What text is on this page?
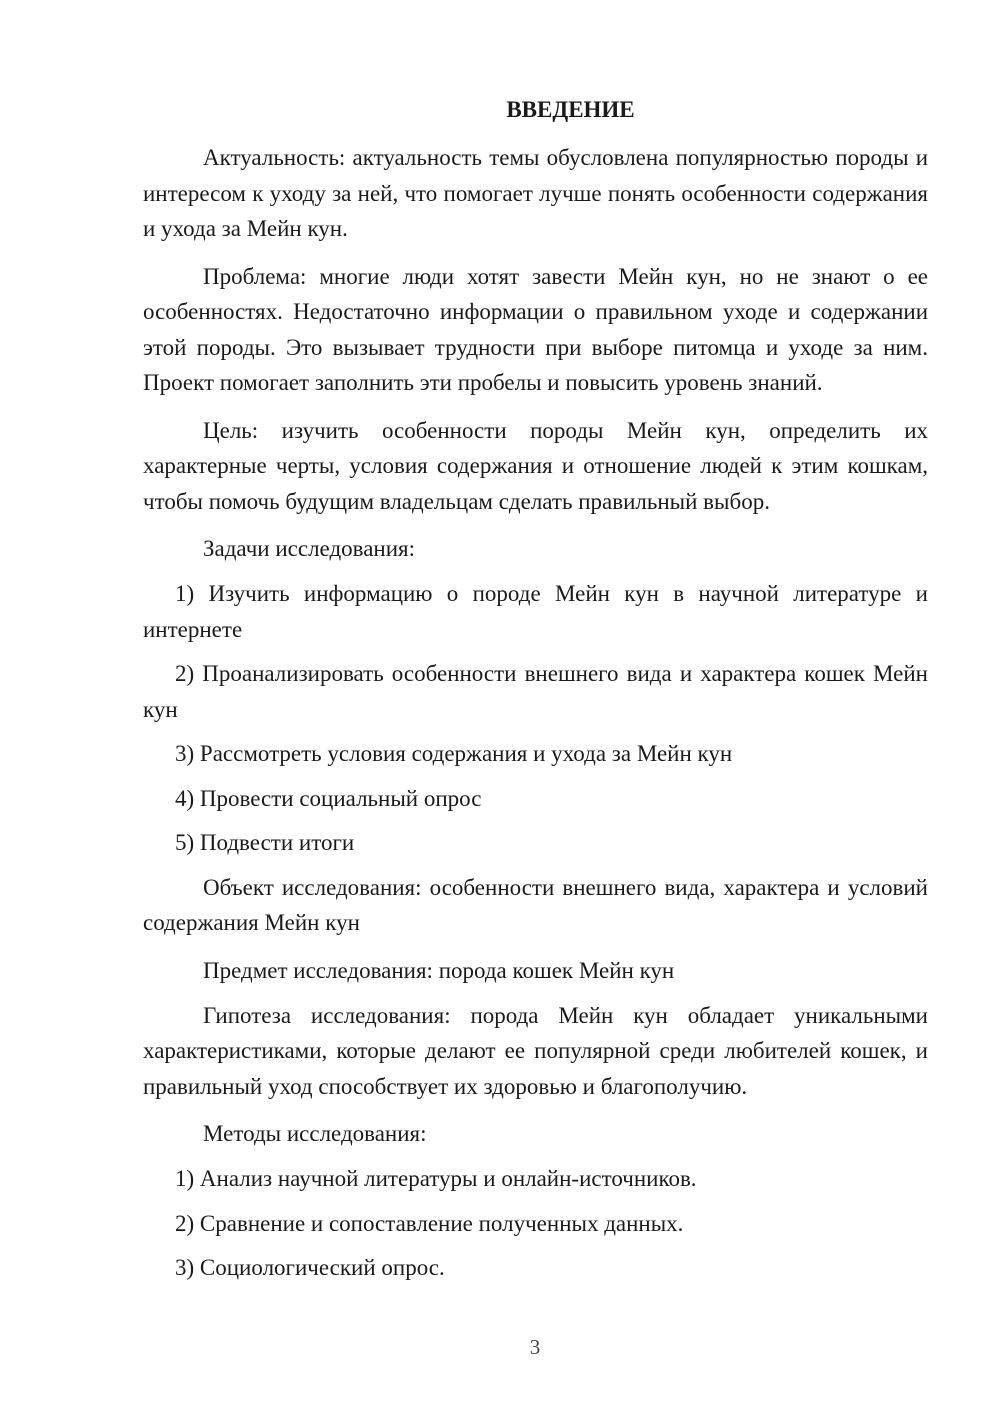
ВВЕДЕНИЕ

Актуальность: актуальность темы обусловлена популярностью породы и интересом к уходу за ней, что помогает лучше понять особенности содержания и ухода за Мейн кун.

Проблема: многие люди хотят завести Мейн кун, но не знают о ее особенностях. Недостаточно информации о правильном уходе и содержании этой породы. Это вызывает трудности при выборе питомца и уходе за ним. Проект помогает заполнить эти пробелы и повысить уровень знаний.

Цель: изучить особенности породы Мейн кун, определить их характерные черты, условия содержания и отношение людей к этим кошкам, чтобы помочь будущим владельцам сделать правильный выбор.

Задачи исследования:

1) Изучить информацию о породе Мейн кун в научной литературе и интернете

2) Проанализировать особенности внешнего вида и характера кошек Мейн кун

3) Рассмотреть условия содержания и ухода за Мейн кун

4) Провести социальный опрос

5) Подвести итоги

Объект исследования: особенности внешнего вида, характера и условий содержания Мейн кун

Предмет исследования: порода кошек Мейн кун

Гипотеза исследования: порода Мейн кун обладает уникальными характеристиками, которые делают ее популярной среди любителей кошек, и правильный уход способствует их здоровью и благополучию.

Методы исследования:

1) Анализ научной литературы и онлайн-источников.

2) Сравнение и сопоставление полученных данных.

3) Социологический опрос.

3
